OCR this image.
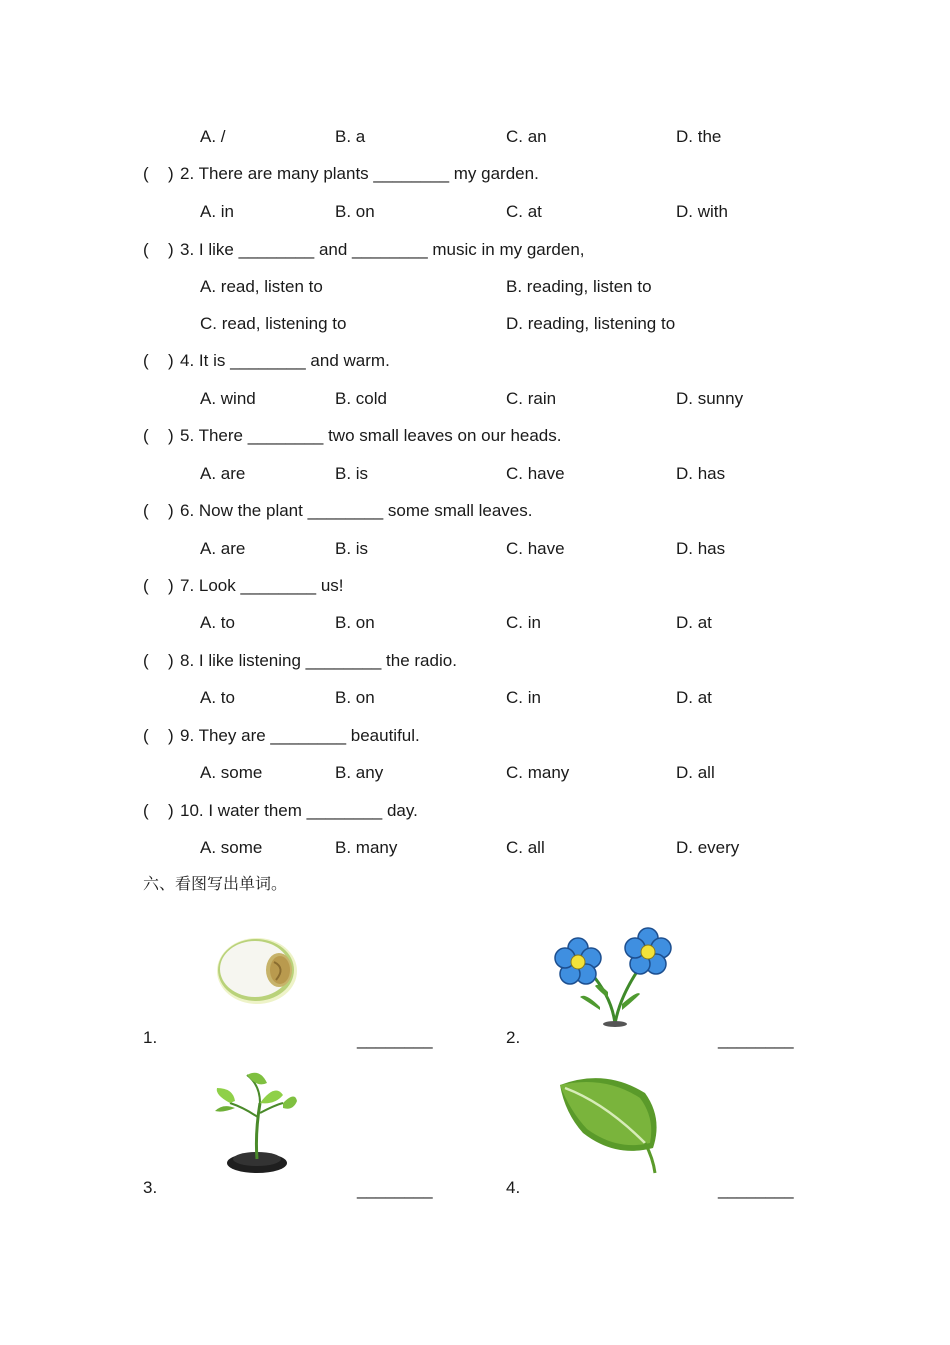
A. /	B. a	C. an	D. the
( ) 2. There are many plants ________ my garden.
A. in	B. on	C. at	D. with
( ) 3. I like ________ and ________ music in my garden,
A. read, listen to	B. reading, listen to
C. read, listening to	D. reading, listening to
( ) 4. It is ________ and warm.
A. wind	B. cold	C. rain	D. sunny
( ) 5. There ________ two small leaves on our heads.
A. are	B. is	C. have	D. has
( ) 6. Now the plant ________ some small leaves.
A. are	B. is	C. have	D. has
( ) 7. Look ________ us!
A. to	B. on	C. in	D. at
( ) 8. I like listening ________ the radio.
A. to	B. on	C. in	D. at
( ) 9. They are ________ beautiful.
A. some	B. any	C. many	D. all
( ) 10. I water them ________ day.
A. some	B. many	C. all	D. every
六、看图写出单词。
1.	________	2.	________
3.	________	4.	________
